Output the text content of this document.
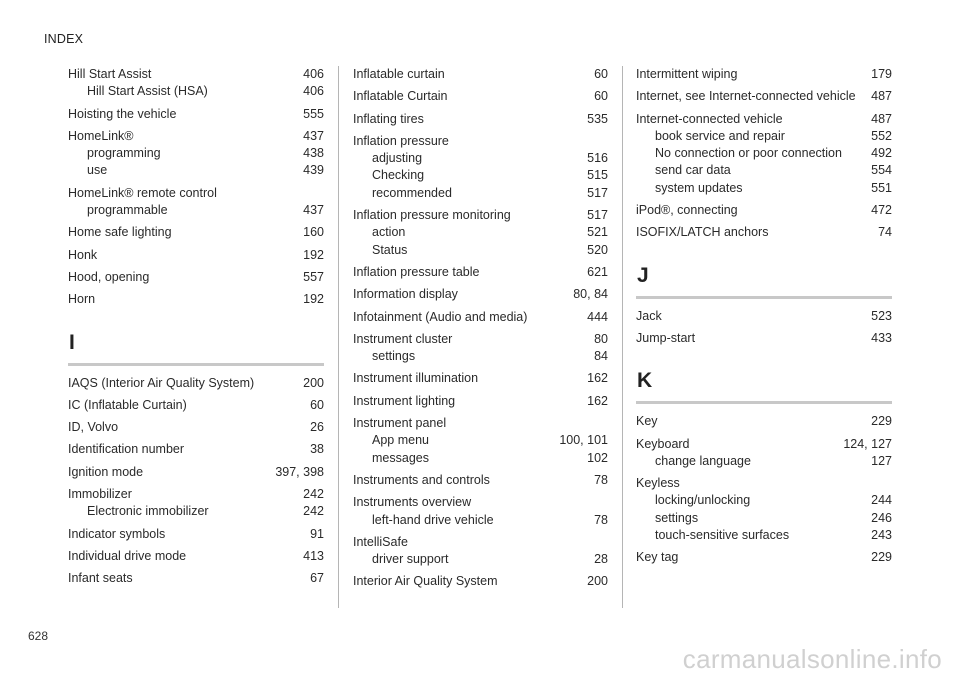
INDEX
Hill Start Assist	406
Hill Start Assist (HSA)	406
Hoisting the vehicle	555
HomeLink®	437
programming	438
use	439
HomeLink® remote control
programmable	437
Home safe lighting	160
Honk	192
Hood, opening	557
Horn	192
I
IAQS (Interior Air Quality System)	200
IC (Inflatable Curtain)	60
ID, Volvo	26
Identification number	38
Ignition mode	397, 398
Immobilizer	242
Electronic immobilizer	242
Indicator symbols	91
Individual drive mode	413
Infant seats	67
Inflatable curtain	60
Inflatable Curtain	60
Inflating tires	535
Inflation pressure
adjusting	516
Checking	515
recommended	517
Inflation pressure monitoring	517
action	521
Status	520
Inflation pressure table	621
Information display	80, 84
Infotainment (Audio and media)	444
Instrument cluster	80
settings	84
Instrument illumination	162
Instrument lighting	162
Instrument panel
App menu	100, 101
messages	102
Instruments and controls	78
Instruments overview
left-hand drive vehicle	78
IntelliSafe
driver support	28
Interior Air Quality System	200
Intermittent wiping	179
Internet, see Internet-connected vehicle	487
Internet-connected vehicle	487
book service and repair	552
No connection or poor connection	492
send car data	554
system updates	551
iPod®, connecting	472
ISOFIX/LATCH anchors	74
J
Jack	523
Jump-start	433
K
Key	229
Keyboard	124, 127
change language	127
Keyless
locking/unlocking	244
settings	246
touch-sensitive surfaces	243
Key tag	229
628
carmanualsonline.info
